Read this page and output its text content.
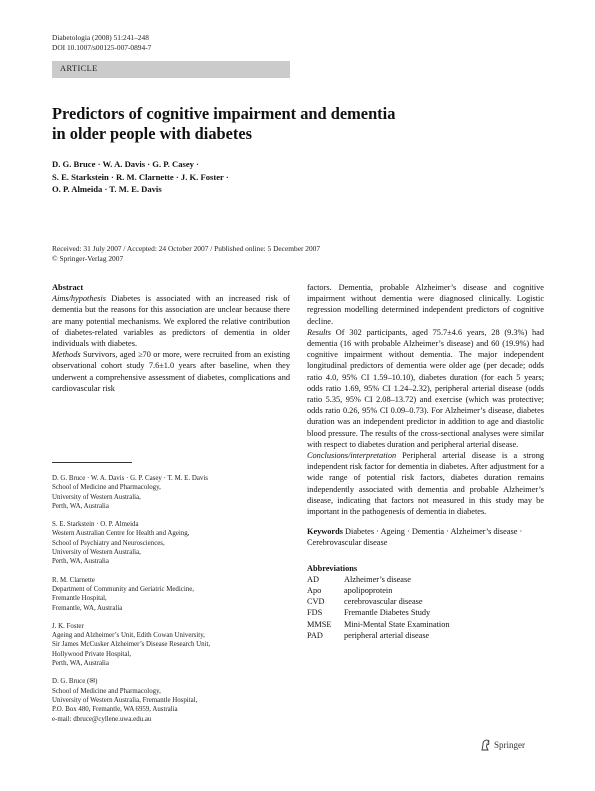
Diabetologia (2008) 51:241–248
DOI 10.1007/s00125-007-0894-7
ARTICLE
Predictors of cognitive impairment and dementia
in older people with diabetes
D. G. Bruce · W. A. Davis · G. P. Casey ·
S. E. Starkstein · R. M. Clarnette · J. K. Foster ·
O. P. Almeida · T. M. E. Davis
Received: 31 July 2007 / Accepted: 24 October 2007 / Published online: 5 December 2007
© Springer-Verlag 2007
Abstract

Aims/hypothesis Diabetes is associated with an increased risk of dementia but the reasons for this association are unclear because there are many potential mechanisms. We explored the relative contribution of diabetes-related variables as predictors of dementia in older individuals with diabetes.

Methods Survivors, aged ≥70 or more, were recruited from an existing observational cohort study 7.6±1.0 years after baseline, when they underwent a comprehensive assessment of diabetes, complications and cardiovascular risk

D. G. Bruce · W. A. Davis · G. P. Casey · T. M. E. Davis
School of Medicine and Pharmacology,
University of Western Australia,
Perth, WA, Australia
S. E. Starkstein · O. P. Almeida
Western Australian Centre for Health and Ageing,
School of Psychiatry and Neurosciences,
University of Western Australia,
Perth, WA, Australia
R. M. Clarnette
Department of Community and Geriatric Medicine,
Fremantle Hospital,
Fremantle, WA, Australia
J. K. Foster
Ageing and Alzheimer’s Unit, Edith Cowan University,
Sir James McCusker Alzheimer’s Disease Research Unit,
Hollywood Private Hospital,
Perth, WA, Australia
D. G. Bruce (✉)
School of Medicine and Pharmacology,
University of Western Australia, Fremantle Hospital,
P.O. Box 480, Fremantle, WA 6959, Australia
e-mail: dbruce@cyllene.uwa.edu.au

factors. Dementia, probable Alzheimer’s disease and cognitive impairment without dementia were diagnosed clinically. Logistic regression modelling determined independent predictors of cognitive decline.

Results Of 302 participants, aged 75.7±4.6 years, 28 (9.3%) had dementia (16 with probable Alzheimer’s disease) and 60 (19.9%) had cognitive impairment without dementia. The major independent longitudinal predictors of dementia were older age (per decade; odds ratio 4.0, 95% CI 1.59–10.10), diabetes duration (for each 5 years; odds ratio 1.69, 95% CI 1.24–2.32), peripheral arterial disease (odds ratio 5.35, 95% CI 2.08–13.72) and exercise (which was protective; odds ratio 0.26, 95% CI 0.09–0.73). For Alzheimer’s disease, diabetes duration was an independent predictor in addition to age and diastolic blood pressure. The results of the cross-sectional analyses were similar with respect to diabetes duration and peripheral arterial disease.

Conclusions/interpretation Peripheral arterial disease is a strong independent risk factor for dementia in diabetes. After adjustment for a wide range of potential risk factors, diabetes duration remains independently associated with dementia and probable Alzheimer’s disease, indicating that factors not measured in this study may be important in the pathogenesis of dementia in diabetes.

Keywords Diabetes · Ageing · Dementia · Alzheimer’s disease · Cerebrovascular disease

Abbreviations
AD	Alzheimer’s disease
Apo	apolipoprotein
CVD	cerebrovascular disease
FDS	Fremantle Diabetes Study
MMSE	Mini-Mental State Examination
PAD	peripheral arterial disease
Springer
